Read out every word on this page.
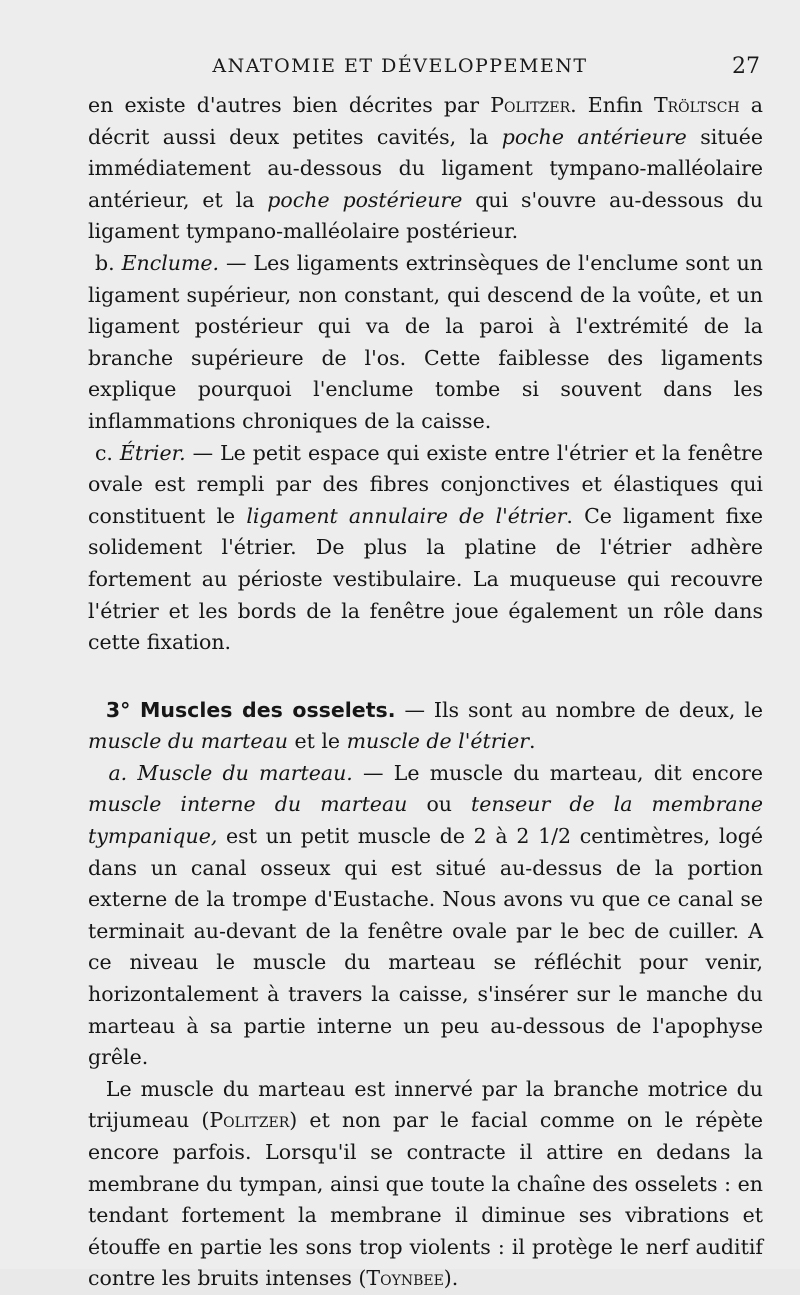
ANATOMIE ET DÉVELOPPEMENT	27

en existe d'autres bien décrites par Politzer. Enfin Tröltsch a décrit aussi deux petites cavités, la poche antérieure située immédiatement au-dessous du ligament tympano-malléolaire antérieur, et la poche postérieure qui s'ouvre au-dessous du ligament tympano-malléolaire postérieur.

b. Enclume. — Les ligaments extrinsèques de l'enclume sont un ligament supérieur, non constant, qui descend de la voûte, et un ligament postérieur qui va de la paroi à l'extrémité de la branche supérieure de l'os. Cette faiblesse des ligaments explique pourquoi l'enclume tombe si souvent dans les inflammations chroniques de la caisse.

c. Étrier. — Le petit espace qui existe entre l'étrier et la fenêtre ovale est rempli par des fibres conjonctives et élastiques qui constituent le ligament annulaire de l'étrier. Ce ligament fixe solidement l'étrier. De plus la platine de l'étrier adhère fortement au périoste vestibulaire. La muqueuse qui recouvre l'étrier et les bords de la fenêtre joue également un rôle dans cette fixation.

3° Muscles des osselets. — Ils sont au nombre de deux, le muscle du marteau et le muscle de l'étrier.

a. Muscle du marteau. — Le muscle du marteau, dit encore muscle interne du marteau ou tenseur de la membrane tympanique, est un petit muscle de 2 à 2 1/2 centimètres, logé dans un canal osseux qui est situé au-dessus de la portion externe de la trompe d'Eustache. Nous avons vu que ce canal se terminait au-devant de la fenêtre ovale par le bec de cuiller. A ce niveau le muscle du marteau se réfléchit pour venir, horizontalement à travers la caisse, s'insérer sur le manche du marteau à sa partie interne un peu au-dessous de l'apophyse grêle.

Le muscle du marteau est innervé par la branche motrice du trijumeau (Politzer) et non par le facial comme on le répète encore parfois. Lorsqu'il se contracte il attire en dedans la membrane du tympan, ainsi que toute la chaîne des osselets : en tendant fortement la membrane il diminue ses vibrations et étouffe en partie les sons trop violents : il protège le nerf auditif contre les bruits intenses (Toynbee).
